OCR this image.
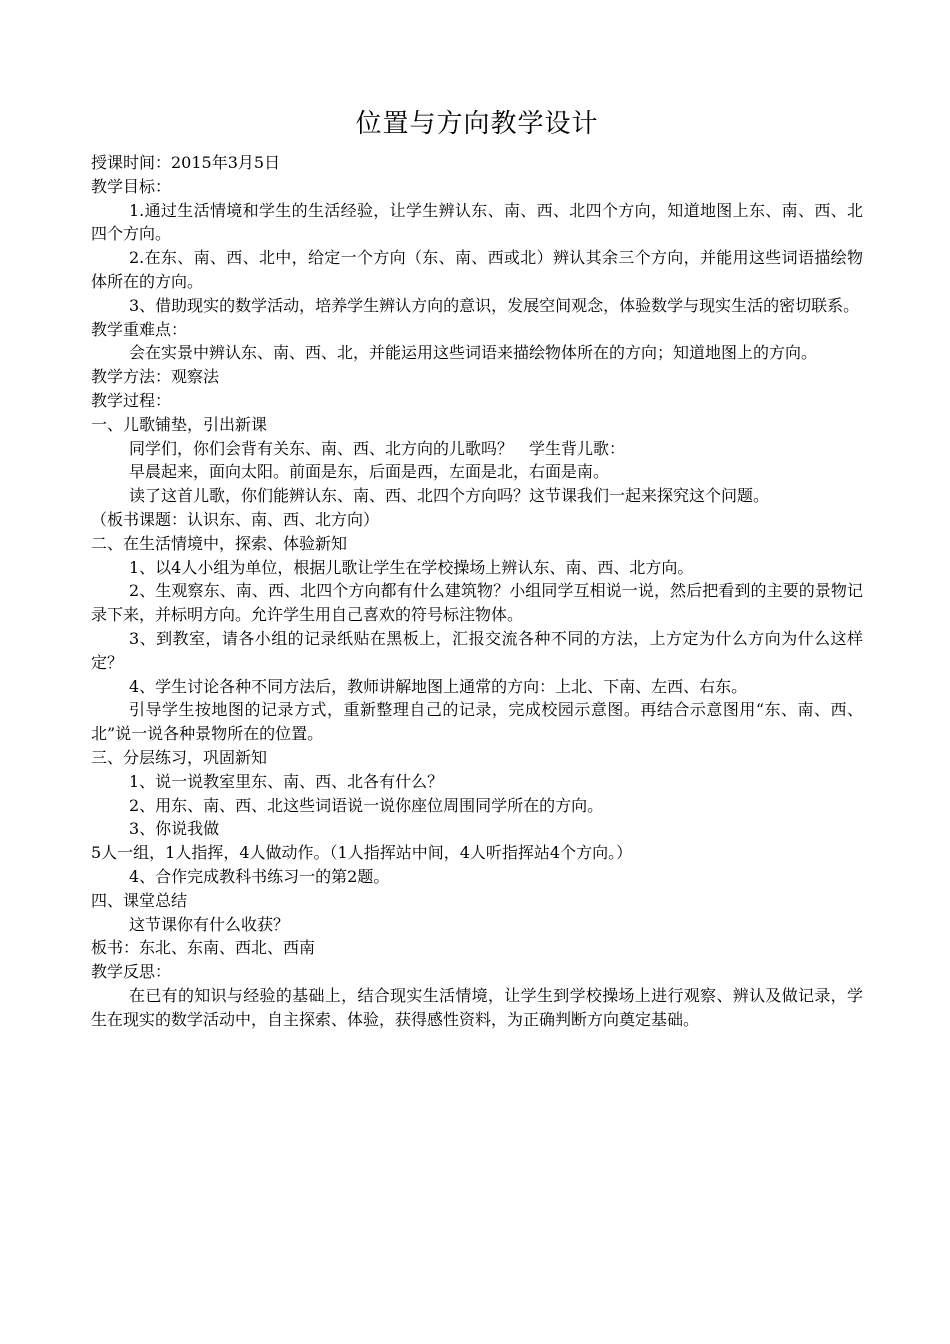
位置与方向教学设计

授课时间：2015年3月5日

教学目标：

1.通过生活情境和学生的生活经验，让学生辨认东、南、西、北四个方向，知道地图上东、南、西、北四个方向。

2.在东、南、西、北中，给定一个方向（东、南、西或北）辨认其余三个方向，并能用这些词语描绘物体所在的方向。

3、借助现实的数学活动，培养学生辨认方向的意识，发展空间观念，体验数学与现实生活的密切联系。

教学重难点：

会在实景中辨认东、南、西、北，并能运用这些词语来描绘物体所在的方向；知道地图上的方向。

教学方法：观察法

教学过程：

一、儿歌铺垫，引出新课

同学们，你们会背有关东、南、西、北方向的儿歌吗？　学生背儿歌：

早晨起来，面向太阳。前面是东，后面是西，左面是北，右面是南。

读了这首儿歌，你们能辨认东、南、西、北四个方向吗？这节课我们一起来探究这个问题。

（板书课题：认识东、南、西、北方向）

二、在生活情境中，探索、体验新知

1、以4人小组为单位，根据儿歌让学生在学校操场上辨认东、南、西、北方向。

2、生观察东、南、西、北四个方向都有什么建筑物？小组同学互相说一说，然后把看到的主要的景物记录下来，并标明方向。允许学生用自己喜欢的符号标注物体。

3、到教室，请各小组的记录纸贴在黑板上，汇报交流各种不同的方法，上方定为什么方向为什么这样定？

4、学生讨论各种不同方法后，教师讲解地图上通常的方向：上北、下南、左西、右东。

引导学生按地图的记录方式，重新整理自己的记录，完成校园示意图。再结合示意图用“东、南、西、北”说一说各种景物所在的位置。

三、分层练习，巩固新知

1、说一说教室里东、南、西、北各有什么？

2、用东、南、西、北这些词语说一说你座位周围同学所在的方向。

3、你说我做

5人一组，1人指挥，4人做动作。（1人指挥站中间，4人听指挥站4个方向。）

4、合作完成教科书练习一的第2题。

四、课堂总结

这节课你有什么收获？

板书：东北、东南、西北、西南

教学反思：

在已有的知识与经验的基础上，结合现实生活情境，让学生到学校操场上进行观察、辨认及做记录，学生在现实的数学活动中，自主探索、体验，获得感性资料，为正确判断方向奠定基础。
